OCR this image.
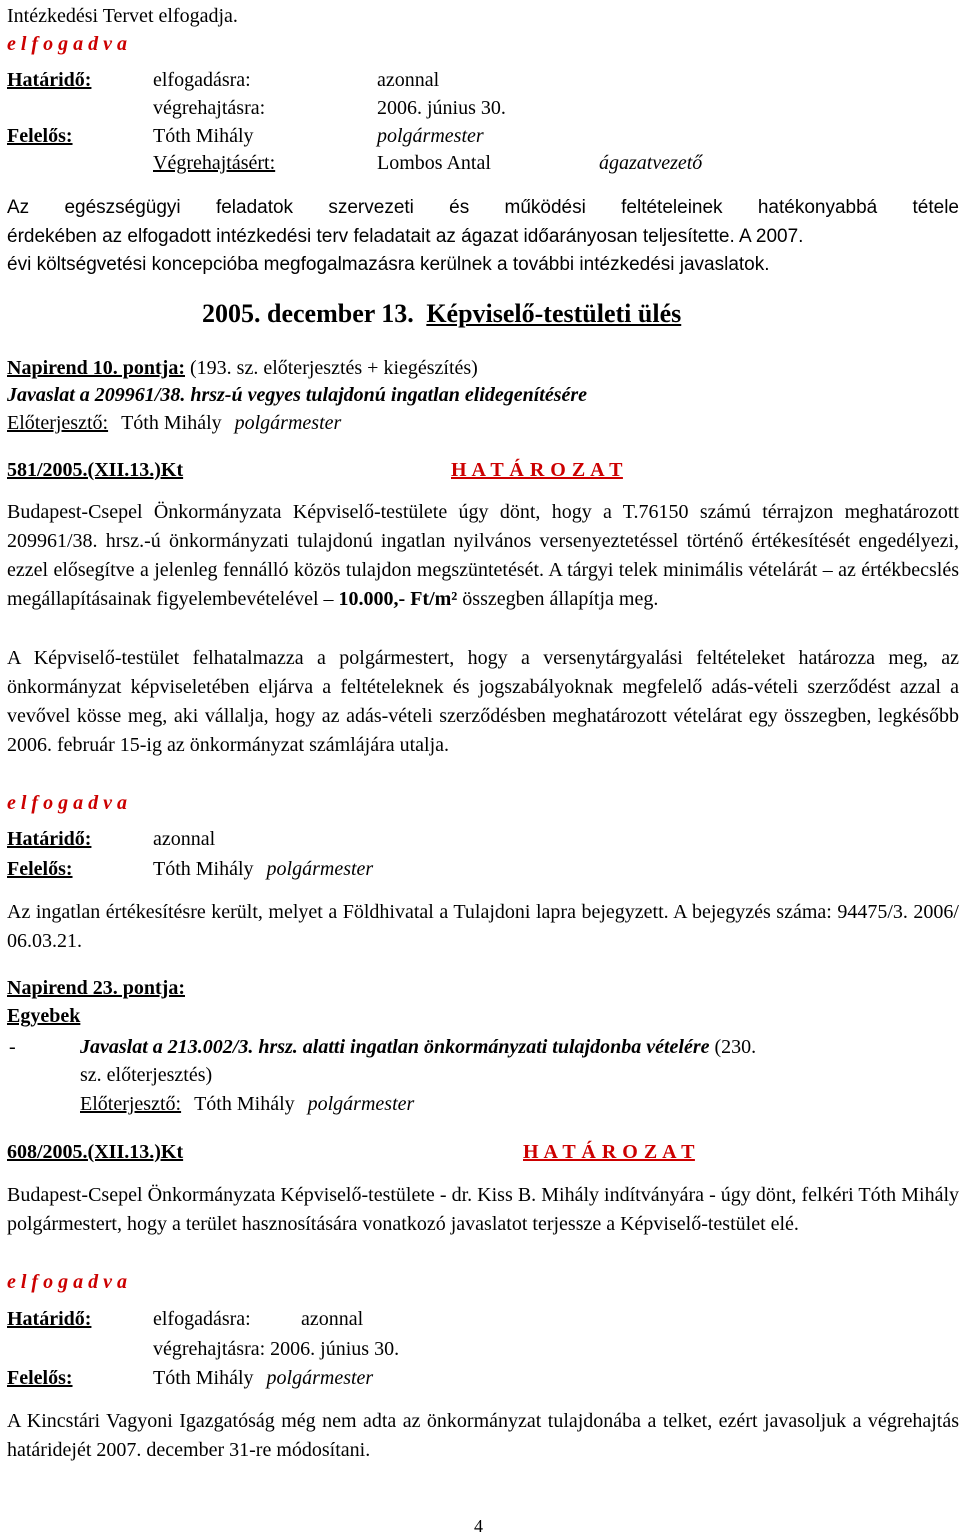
Intézkedési Tervet elfogadja.
e l f o g a d v a
Határidő:	elfogadásra:	azonnal
végrehajtásra:	2006. június 30.
Felelős:	Tóth Mihály	polgármester
Végrehajtásért:	Lombos Antal	ágazatvezető
Az egészségügyi feladatok szervezeti és működési feltételeinek hatékonyabbá tétele
érdekében az elfogadott intézkedési terv feladatait az ágazat időarányosan teljesítette. A 2007.
évi költségvetési koncepcióba megfogalmazásra kerülnek a további intézkedési javaslatok.
2005. december 13. Képviselő-testületi ülés
Napirend 10. pontja: (193. sz. előterjesztés + kiegészítés)
Javaslat a 209961/38. hrsz-ú vegyes tulajdonú ingatlan elidegenítésére
Előterjesztő: Tóth Mihály polgármester
581/2005.(XII.13.)Kt	H A T Á R O Z A T
Budapest-Csepel Önkormányzata Képviselő-testülete úgy dönt, hogy a T.76150 számú térrajzon meghatározott 209961/38. hrsz.-ú önkormányzati tulajdonú ingatlan nyilvános versenyeztetéssel történő értékesítését engedélyezi, ezzel elősegítve a jelenleg fennálló közös tulajdon megszüntetését. A tárgyi telek minimális vételárát – az értékbecslés megállapításainak figyelembevételével – 10.000,- Ft/m² összegben állapítja meg.
A Képviselő-testület felhatalmazza a polgármestert, hogy a versenytárgyalási feltételeket határozza meg, az önkormányzat képviseletében eljárva a feltételeknek és jogszabályoknak megfelelő adás-vételi szerződést azzal a vevővel kösse meg, aki vállalja, hogy az adás-vételi szerződésben meghatározott vételárat egy összegben, legkésőbb 2006. február 15-ig az önkormányzat számlájára utalja.
e l f o g a d v a
Határidő:	azonnal
Felelős:	Tóth Mihály polgármester
Az ingatlan értékesítésre került, melyet a Földhivatal a Tulajdoni lapra bejegyzett. A bejegyzés száma: 94475/3. 2006/ 06.03.21.
Napirend 23. pontja:
Egyebek
-	Javaslat a 213.002/3. hrsz. alatti ingatlan önkormányzati tulajdonba vételére (230.
sz. előterjesztés)
Előterjesztő: Tóth Mihály polgármester
608/2005.(XII.13.)Kt	H A T Á R O Z A T
Budapest-Csepel Önkormányzata Képviselő-testülete - dr. Kiss B. Mihály indítványára - úgy dönt, felkéri Tóth Mihály polgármestert, hogy a terület hasznosítására vonatkozó javaslatot terjessze a Képviselő-testület elé.
e l f o g a d v a
Határidő:	elfogadásra:	azonnal
végrehajtásra: 2006. június 30.
Felelős:	Tóth Mihály polgármester
A Kincstári Vagyoni Igazgatóság még nem adta az önkormányzat tulajdonába a telket, ezért javasoljuk a végrehajtás határidejét 2007. december 31-re módosítani.
4
